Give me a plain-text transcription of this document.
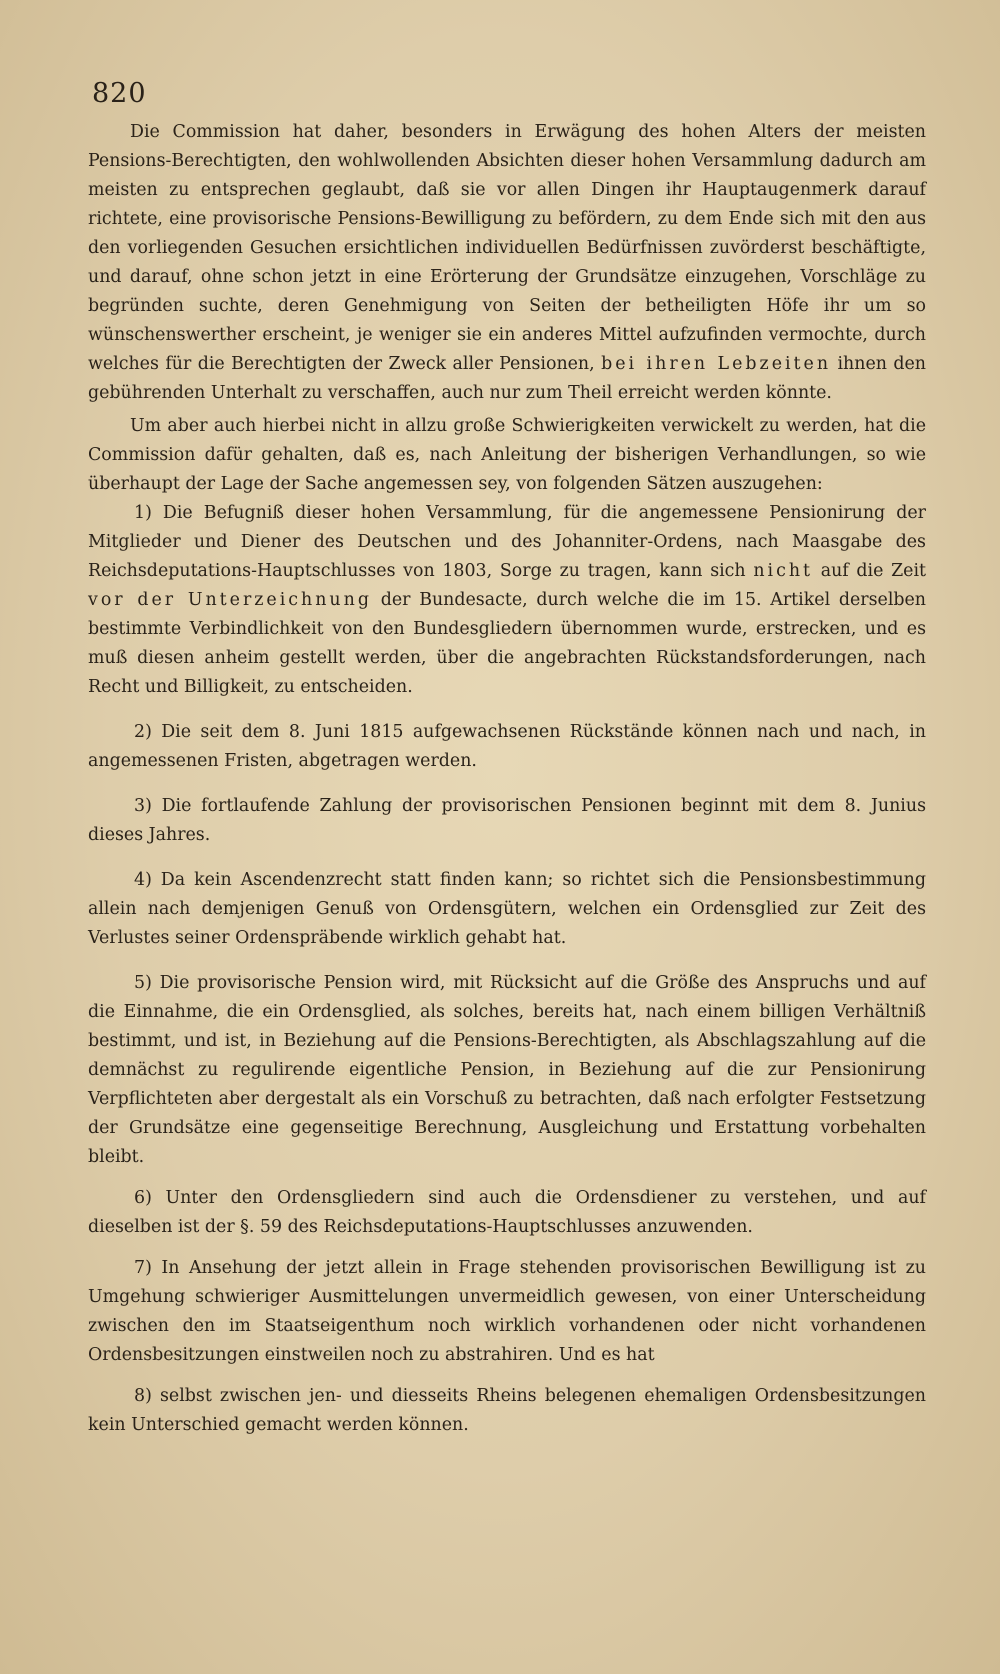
820

Die Commission hat daher, besonders in Erwägung des hohen Alters der meisten Pensions-Berechtigten, den wohlwollenden Absichten dieser hohen Versammlung dadurch am meisten zu entsprechen geglaubt, daß sie vor allen Dingen ihr Hauptaugenmerk darauf richtete, eine provisorische Pensions-Bewilligung zu befördern, zu dem Ende sich mit den aus den vorliegenden Gesuchen ersichtlichen individuellen Bedürfnissen zuvörderst beschäftigte, und darauf, ohne schon jetzt in eine Erörterung der Grundsätze einzugehen, Vorschläge zu begründen suchte, deren Genehmigung von Seiten der betheiligten Höfe ihr um so wünschenswerther erscheint, je weniger sie ein anderes Mittel aufzufinden vermochte, durch welches für die Berechtigten der Zweck aller Pensionen, bei ihren Lebzeiten ihnen den gebührenden Unterhalt zu verschaffen, auch nur zum Theil erreicht werden könnte.

Um aber auch hierbei nicht in allzu große Schwierigkeiten verwickelt zu werden, hat die Commission dafür gehalten, daß es, nach Anleitung der bisherigen Verhandlungen, so wie überhaupt der Lage der Sache angemessen sey, von folgenden Sätzen auszugehen:

1) Die Befugniß dieser hohen Versammlung, für die angemessene Pensionirung der Mitglieder und Diener des Deutschen und des Johanniter-Ordens, nach Maasgabe des Reichsdeputations-Hauptschlusses von 1803, Sorge zu tragen, kann sich nicht auf die Zeit vor der Unterzeichnung der Bundesacte, durch welche die im 15. Artikel derselben bestimmte Verbindlichkeit von den Bundesgliedern übernommen wurde, erstrecken, und es muß diesen anheim gestellt werden, über die angebrachten Rückstandsforderungen, nach Recht und Billigkeit, zu entscheiden.

2) Die seit dem 8. Juni 1815 aufgewachsenen Rückstände können nach und nach, in angemessenen Fristen, abgetragen werden.

3) Die fortlaufende Zahlung der provisorischen Pensionen beginnt mit dem 8. Junius dieses Jahres.

4) Da kein Ascendenzrecht statt finden kann; so richtet sich die Pensionsbestimmung allein nach demjenigen Genuß von Ordensgütern, welchen ein Ordensglied zur Zeit des Verlustes seiner Ordenspräbende wirklich gehabt hat.

5) Die provisorische Pension wird, mit Rücksicht auf die Größe des Anspruchs und auf die Einnahme, die ein Ordensglied, als solches, bereits hat, nach einem billigen Verhältniß bestimmt, und ist, in Beziehung auf die Pensions-Berechtigten, als Abschlagszahlung auf die demnächst zu regulirende eigentliche Pension, in Beziehung auf die zur Pensionirung Verpflichteten aber dergestalt als ein Vorschuß zu betrachten, daß nach erfolgter Festsetzung der Grundsätze eine gegenseitige Berechnung, Ausgleichung und Erstattung vorbehalten bleibt.

6) Unter den Ordensgliedern sind auch die Ordensdiener zu verstehen, und auf dieselben ist der §. 59 des Reichsdeputations-Hauptschlusses anzuwenden.

7) In Ansehung der jetzt allein in Frage stehenden provisorischen Bewilligung ist zu Umgehung schwieriger Ausmittelungen unvermeidlich gewesen, von einer Unterscheidung zwischen den im Staatseigenthum noch wirklich vorhandenen oder nicht vorhandenen Ordensbesitzungen einstweilen noch zu abstrahiren. Und es hat

8) selbst zwischen jen- und diesseits Rheins belegenen ehemaligen Ordensbesitzungen kein Unterschied gemacht werden können.
